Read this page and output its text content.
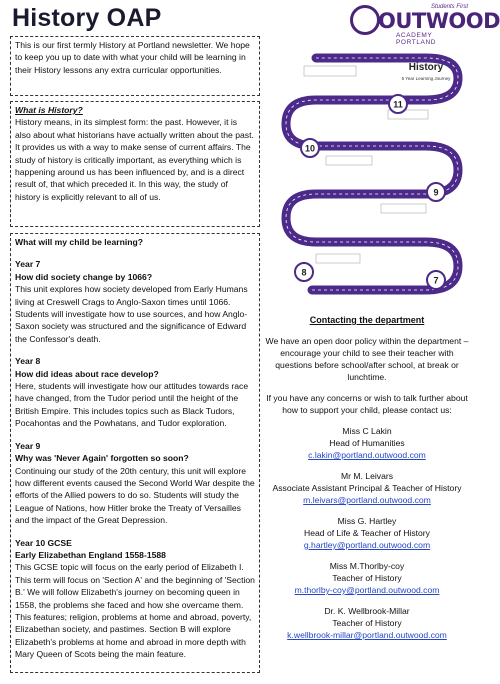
History OAP	Students First
OUTWOOD
ACADEMY PORTLAND

This is our first termly History at Portland newsletter. We hope to keep you up to date with what your child will be learning in their History lessons any extra curricular opportunities.

What is History?

History means, in its simplest form: the past. However, it is also about what historians have actually written about the past. It provides us with a way to make sense of current affairs. The study of history is critically important, as everything which is happening around us has been influenced by, and is a direct result of, that which preceded it. In this way, the study of history is explicitly relevant to all of us.

What will my child be learning?

Year 7

How did society change by 1066?

This unit explores how society developed from Early Humans living at Creswell Crags to Anglo-Saxon times until 1066. Students will investigate how to use sources, and how Anglo-Saxon society was structured and the significance of Edward the Confessor's death.

Year 8

How did ideas about race develop?

Here, students will investigate how our attitudes towards race have changed, from the Tudor period until the height of the British Empire. This includes topics such as Black Tudors, Pocahontas and the Powhatans, and Tudor exploration.

Year 9

Why was 'Never Again' forgotten so soon?

Continuing our study of the 20th century, this unit will explore how different events caused the Second World War despite the efforts of the Allied powers to do so. Students will study the League of Nations, how Hitler broke the Treaty of Versailles and the impact of the Great Depression.

Year 10 GCSE

Early Elizabethan England 1558-1588

This GCSE topic will focus on the early period of Elizabeth I. This term will focus on 'Section A' and the beginning of 'Section B.' We will follow Elizabeth's journey on becoming queen in 1558, the problems she faced and how she overcame them. This features; religion, problems at home and abroad, poverty, Elizabethan society, and pastimes. Section B will explore Elizabeth's problems at home and abroad in more depth with Mary Queen of Scots being the main feature.

11
10
9
8
7
History
5 Year Learning Journey

Contacting the department

We have an open door policy within the department – encourage your child to see their teacher with questions before school/after school, at break or lunchtime.

If you have any concerns or wish to talk further about how to support your child, please contact us:

Miss C Lakin

Head of Humanities

c.lakin@portland.outwood.com

Mr M. Leivars

Associate Assistant Principal & Teacher of History

m.leivars@portland.outwood.com

Miss G. Hartley

Head of Life & Teacher of History

g.hartley@portland.outwood.com

Miss M.Thorlby-coy

Teacher of History

m.thorlby-coy@portland.outwood.com

Dr. K. Wellbrook-Millar

Teacher of History

k.wellbrook-millar@portland.outwood.com
